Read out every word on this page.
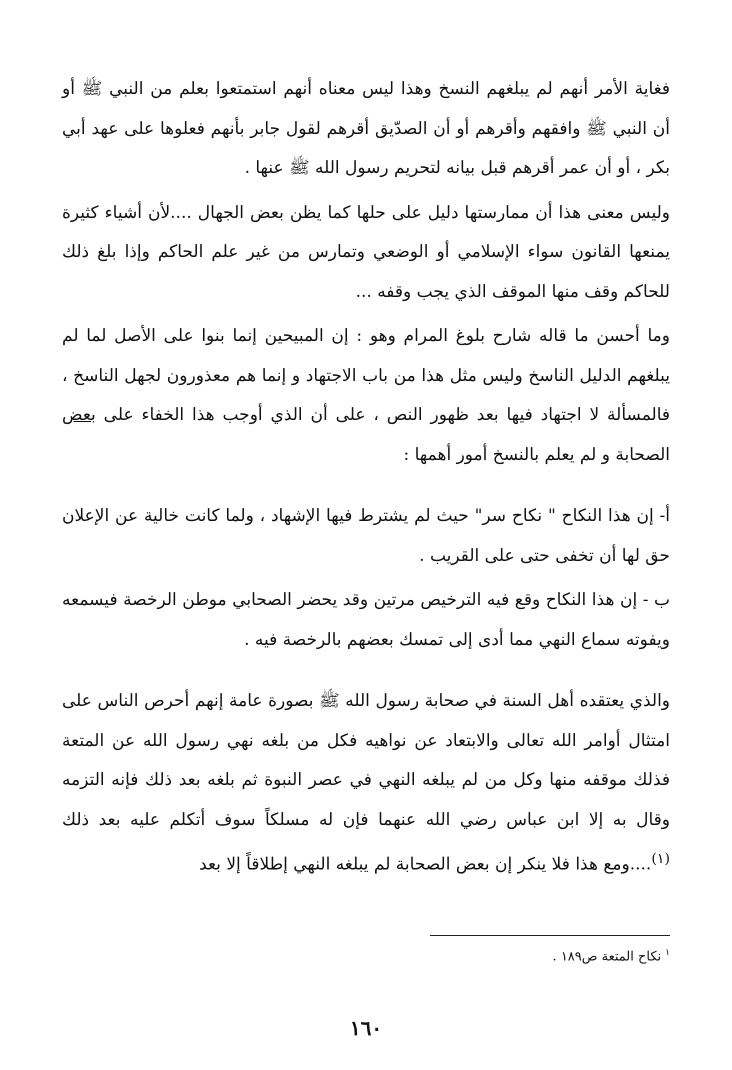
فغاية الأمر أنهم لم يبلغهم النسخ وهذا ليس معناه أنهم استمتعوا بعلم من النبي ﷺ أو أن النبي ﷺ وافقهم وأقرهم أو أن الصدّيق أقرهم لقول جابر بأنهم فعلوها على عهد أبي بكر ، أو أن عمر أقرهم قبل بيانه لتحريم رسول الله ﷺ عنها .

وليس معنى هذا أن ممارستها دليل على حلها كما يظن بعض الجهال ....لأن أشياء كثيرة يمنعها القانون سواء الإسلامي أو الوضعي وتمارس من غير علم الحاكم وإذا بلغ ذلك للحاكم وقف منها الموقف الذي يجب وقفه ...

وما أحسن ما قاله شارح بلوغ المرام وهو : إن المبيحين إنما بنوا على الأصل لما لم يبلغهم الدليل الناسخ وليس مثل هذا من باب الاجتهاد و إنما هم معذورون لجهل الناسخ ، فالمسألة لا اجتهاد فيها بعد ظهور النص ، على أن الذي أوجب هذا الخفاء على بعض الصحابة و لم يعلم بالنسخ أمور أهمها :

أ- إن هذا النكاح " نكاح سر" حيث لم يشترط فيها الإشهاد ، ولما كانت خالية عن الإعلان حق لها أن تخفى حتى على القريب .

ب - إن هذا النكاح وقع فيه الترخيص مرتين وقد يحضر الصحابي موطن الرخصة فيسمعه ويفوته سماع النهي مما أدى إلى تمسك بعضهم بالرخصة فيه .

والذي يعتقده أهل السنة في صحابة رسول الله ﷺ بصورة عامة إنهم أحرص الناس على امتثال أوامر الله تعالى والابتعاد عن نواهيه فكل من بلغه نهي رسول الله عن المتعة فذلك موقفه منها وكل من لم يبلغه النهي في عصر النبوة ثم بلغه بعد ذلك فإنه التزمه وقال به إلا ابن عباس رضي الله عنهما فإن له مسلكاً سوف أتكلم عليه بعد ذلك $^{(١)}$....ومع هذا فلا ينكر إن بعض الصحابة لم يبلغه النهي إطلاقاً إلا بعد

$^١$نكاح المتعة ص١٨٩ .
١٦٠
